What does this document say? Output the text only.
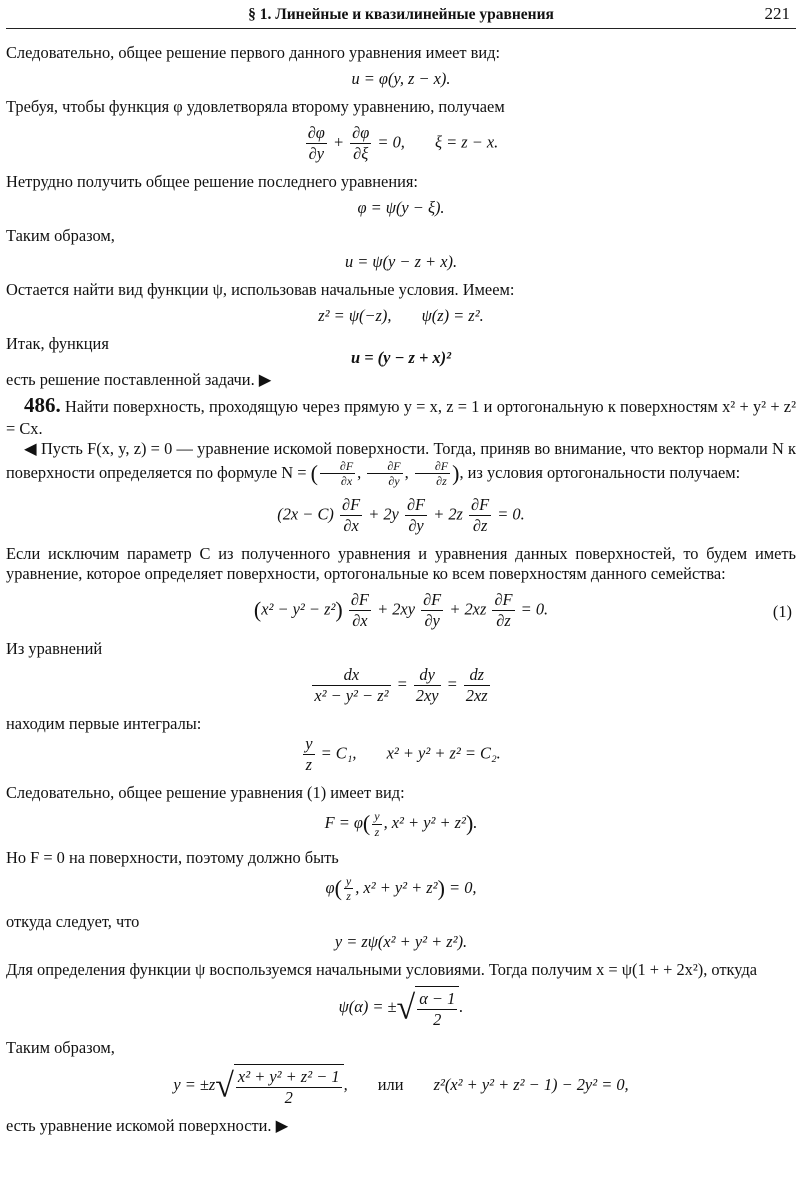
§ 1. Линейные и квазилинейные уравнения	221

Следовательно, общее решение первого данного уравнения имеет вид:

u = φ(y, z − x).

Требуя, чтобы функция φ удовлетворяла второму уравнению, получаем

$\frac{\partial\varphi}{\partial y} + \frac{\partial\varphi}{\partial\xi} = 0$, ξ = z − x.

Нетрудно получить общее решение последнего уравнения:

φ = ψ(y − ξ).

Таким образом,

u = ψ(y − z + x).

Остается найти вид функции ψ, использовав начальные условия. Имеем:

z² = ψ(−z), ψ(z) = z².

Итак, функция

u = (y − z + x)²

есть решение поставленной задачи. ▶

486. Найти поверхность, проходящую через прямую y = x, z = 1 и ортогональную к поверхностям x² + y² + z² = Cx.

◀ Пусть F(x, y, z) = 0 — уравнение искомой поверхности. Тогда, приняв во внимание, что вектор нормали N к поверхности определяется по формуле N = ( $\frac{\partial F}{\partial x}$ , $\frac{\partial F}{\partial y}$ , $\frac{\partial F}{\partial z}$ ), из условия ортогональности получаем:

$(2x - C) \frac{\partial F}{\partial x} + 2y \frac{\partial F}{\partial y} + 2z \frac{\partial F}{\partial z} = 0$.

Если исключим параметр C из полученного уравнения и уравнения данных поверхностей, то будем иметь уравнение, которое определяет поверхности, ортогональные ко всем поверхностям данного семейства:

$(x^2 - y^2 - z^2) \frac{\partial F}{\partial x} + 2xy \frac{\partial F}{\partial y} + 2xz \frac{\partial F}{\partial z} = 0$.	(1)

Из уравнений

$\frac{dx}{\text{x² − y² − z²}} = \frac{dy}{2xy} = \frac{dz}{2xz}$

находим первые интегралы:

$\frac{y}{z} = C_1$, x² + y² + z² = C₂.

Следовательно, общее решение уравнения (1) имеет вид:

$F = \varphi( \frac{y}{z}$ , x² + y² + z²).

Но F = 0 на поверхности, поэтому должно быть

$\varphi( \frac{y}{z}$ , x² + y² + z²) = 0,

откуда следует, что

y = zψ(x² + y² + z²).

Для определения функции ψ воспользуемся начальными условиями. Тогда получим x = ψ(1 + + 2x²), откуда

ψ(α) = ±√ $\frac{\alpha - 1}{2}$ .

Таким образом,

$y = \pm z√ \frac{\text{x² + y² + z² − 1}}{2}$ , или z²(x² + y² + z² − 1) − 2y² = 0,

есть уравнение искомой поверхности. ▶
